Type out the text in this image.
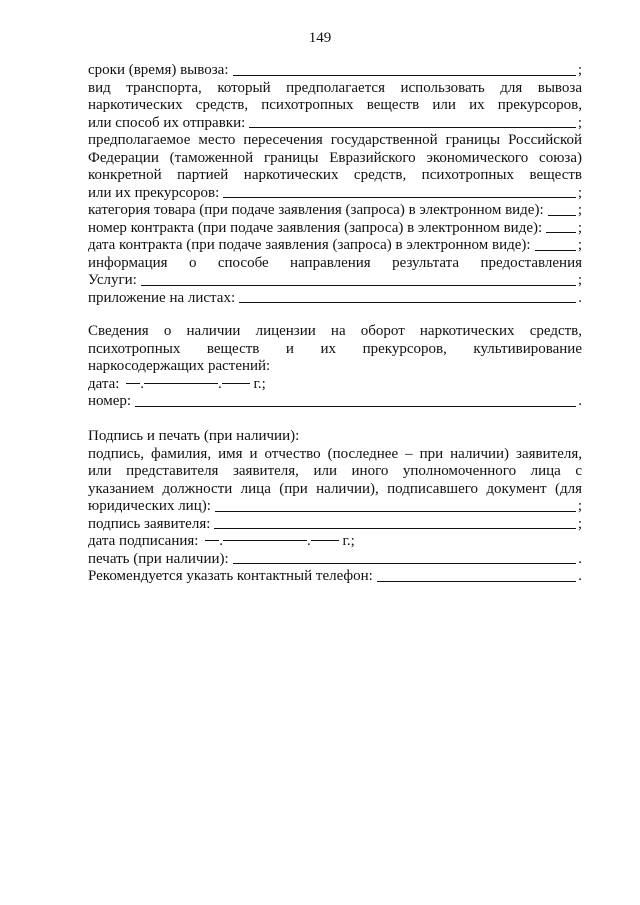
149
сроки (время) вывоза:	;
вид транспорта, который предполагается использовать для вывоза
наркотических средств, психотропных веществ или их прекурсоров,
или способ их отправки:	;
предполагаемое место пересечения государственной границы Российской
Федерации (таможенной границы Евразийского экономического союза)
конкретной партией наркотических средств, психотропных веществ
или их прекурсоров:	;
категория товара (при подаче заявления (запроса) в электронном виде): ;
номер контракта (при подаче заявления (запроса) в электронном виде): ;
дата контракта (при подаче заявления (запроса) в электронном виде):	;
информация о способе направления результата предоставления
Услуги:	;
приложение на листах:	.
Сведения о наличии лицензии на оборот наркотических средств,
психотропных веществ и их прекурсоров, культивирование
наркосодержащих растений:
дата: .	. г.;
номер:	.
Подпись и печать (при наличии):
подпись, фамилия, имя и отчество (последнее – при наличии) заявителя,
или представителя заявителя, или иного уполномоченного лица с
указанием должности лица (при наличии), подписавшего документ (для
юридических лиц):	;
подпись заявителя:	;
дата подписания: .	. г.;
печать (при наличии):	.
Рекомендуется указать контактный телефон:	.
